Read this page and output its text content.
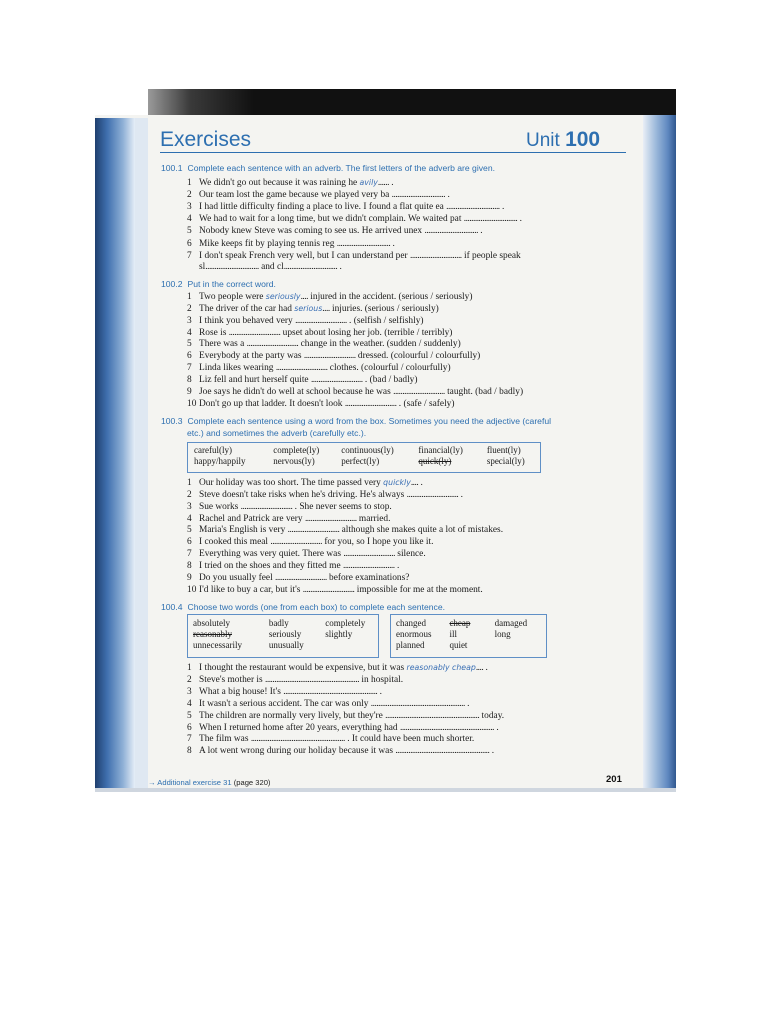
Exercises	Unit 100
100.1 Complete each sentence with an adverb. The first letters of the adverb are given.
1 We didn't go out because it was raining he avily...... .
2 Our team lost the game because we played very ba ............................. .
3 I had little difficulty finding a place to live. I found a flat quite ea ............................. .
4 We had to wait for a long time, but we didn't complain. We waited pat ............................. .
5 Nobody knew Steve was coming to see us. He arrived unex ............................. .
6 Mike keeps fit by playing tennis reg ............................. .
7 I don't speak French very well, but I can understand per ............................ if people speak
sl............................. and cl............................. .
100.2 Put in the correct word.
1 Two people were seriously.... injured in the accident. (serious / seriously)
2 The driver of the car had serious.... injuries. (serious / seriously)
3 I think you behaved very ............................ . (selfish / selfishly)
4 Rose is ............................ upset about losing her job. (terrible / terribly)
5 There was a ............................ change in the weather. (sudden / suddenly)
6 Everybody at the party was ............................ dressed. (colourful / colourfully)
7 Linda likes wearing ............................ clothes. (colourful / colourfully)
8 Liz fell and hurt herself quite ............................ . (bad / badly)
9 Joe says he didn't do well at school because he was ............................ taught. (bad / badly)
10 Don't go up that ladder. It doesn't look ............................ . (safe / safely)
100.3 Complete each sentence using a word from the box. Sometimes you need the adjective (careful
etc.) and sometimes the adverb (carefully etc.).
careful(ly)	complete(ly)	continuous(ly)	financial(ly)	fluent(ly)
happy/happily	nervous(ly)	perfect(ly)	quick(ly)	special(ly)
1 Our holiday was too short. The time passed very quickly.... .
2 Steve doesn't take risks when he's driving. He's always ............................ .
3 Sue works ............................ . She never seems to stop.
4 Rachel and Patrick are very ............................ married.
5 Maria's English is very ............................ although she makes quite a lot of mistakes.
6 I cooked this meal ............................ for you, so I hope you like it.
7 Everything was very quiet. There was ............................ silence.
8 I tried on the shoes and they fitted me ............................ .
9 Do you usually feel ............................ before examinations?
10 I'd like to buy a car, but it's ............................ impossible for me at the moment.
100.4 Choose two words (one from each box) to complete each sentence.
absolutely	badly	completely
reasonably	seriously	slightly
unnecessarily	unusually	
changed	cheap	damaged
enormous	ill	long
planned	quiet	
1 I thought the restaurant would be expensive, but it was reasonably cheap.... .
2 Steve's mother is ................................................... in hospital.
3 What a big house! It's ................................................... .
4 It wasn't a serious accident. The car was only ................................................... .
5 The children are normally very lively, but they're ................................................... today.
6 When I returned home after 20 years, everything had ................................................... .
7 The film was ................................................... . It could have been much shorter.
8 A lot went wrong during our holiday because it was ................................................... .
→ Additional exercise 31 (page 320)	201
